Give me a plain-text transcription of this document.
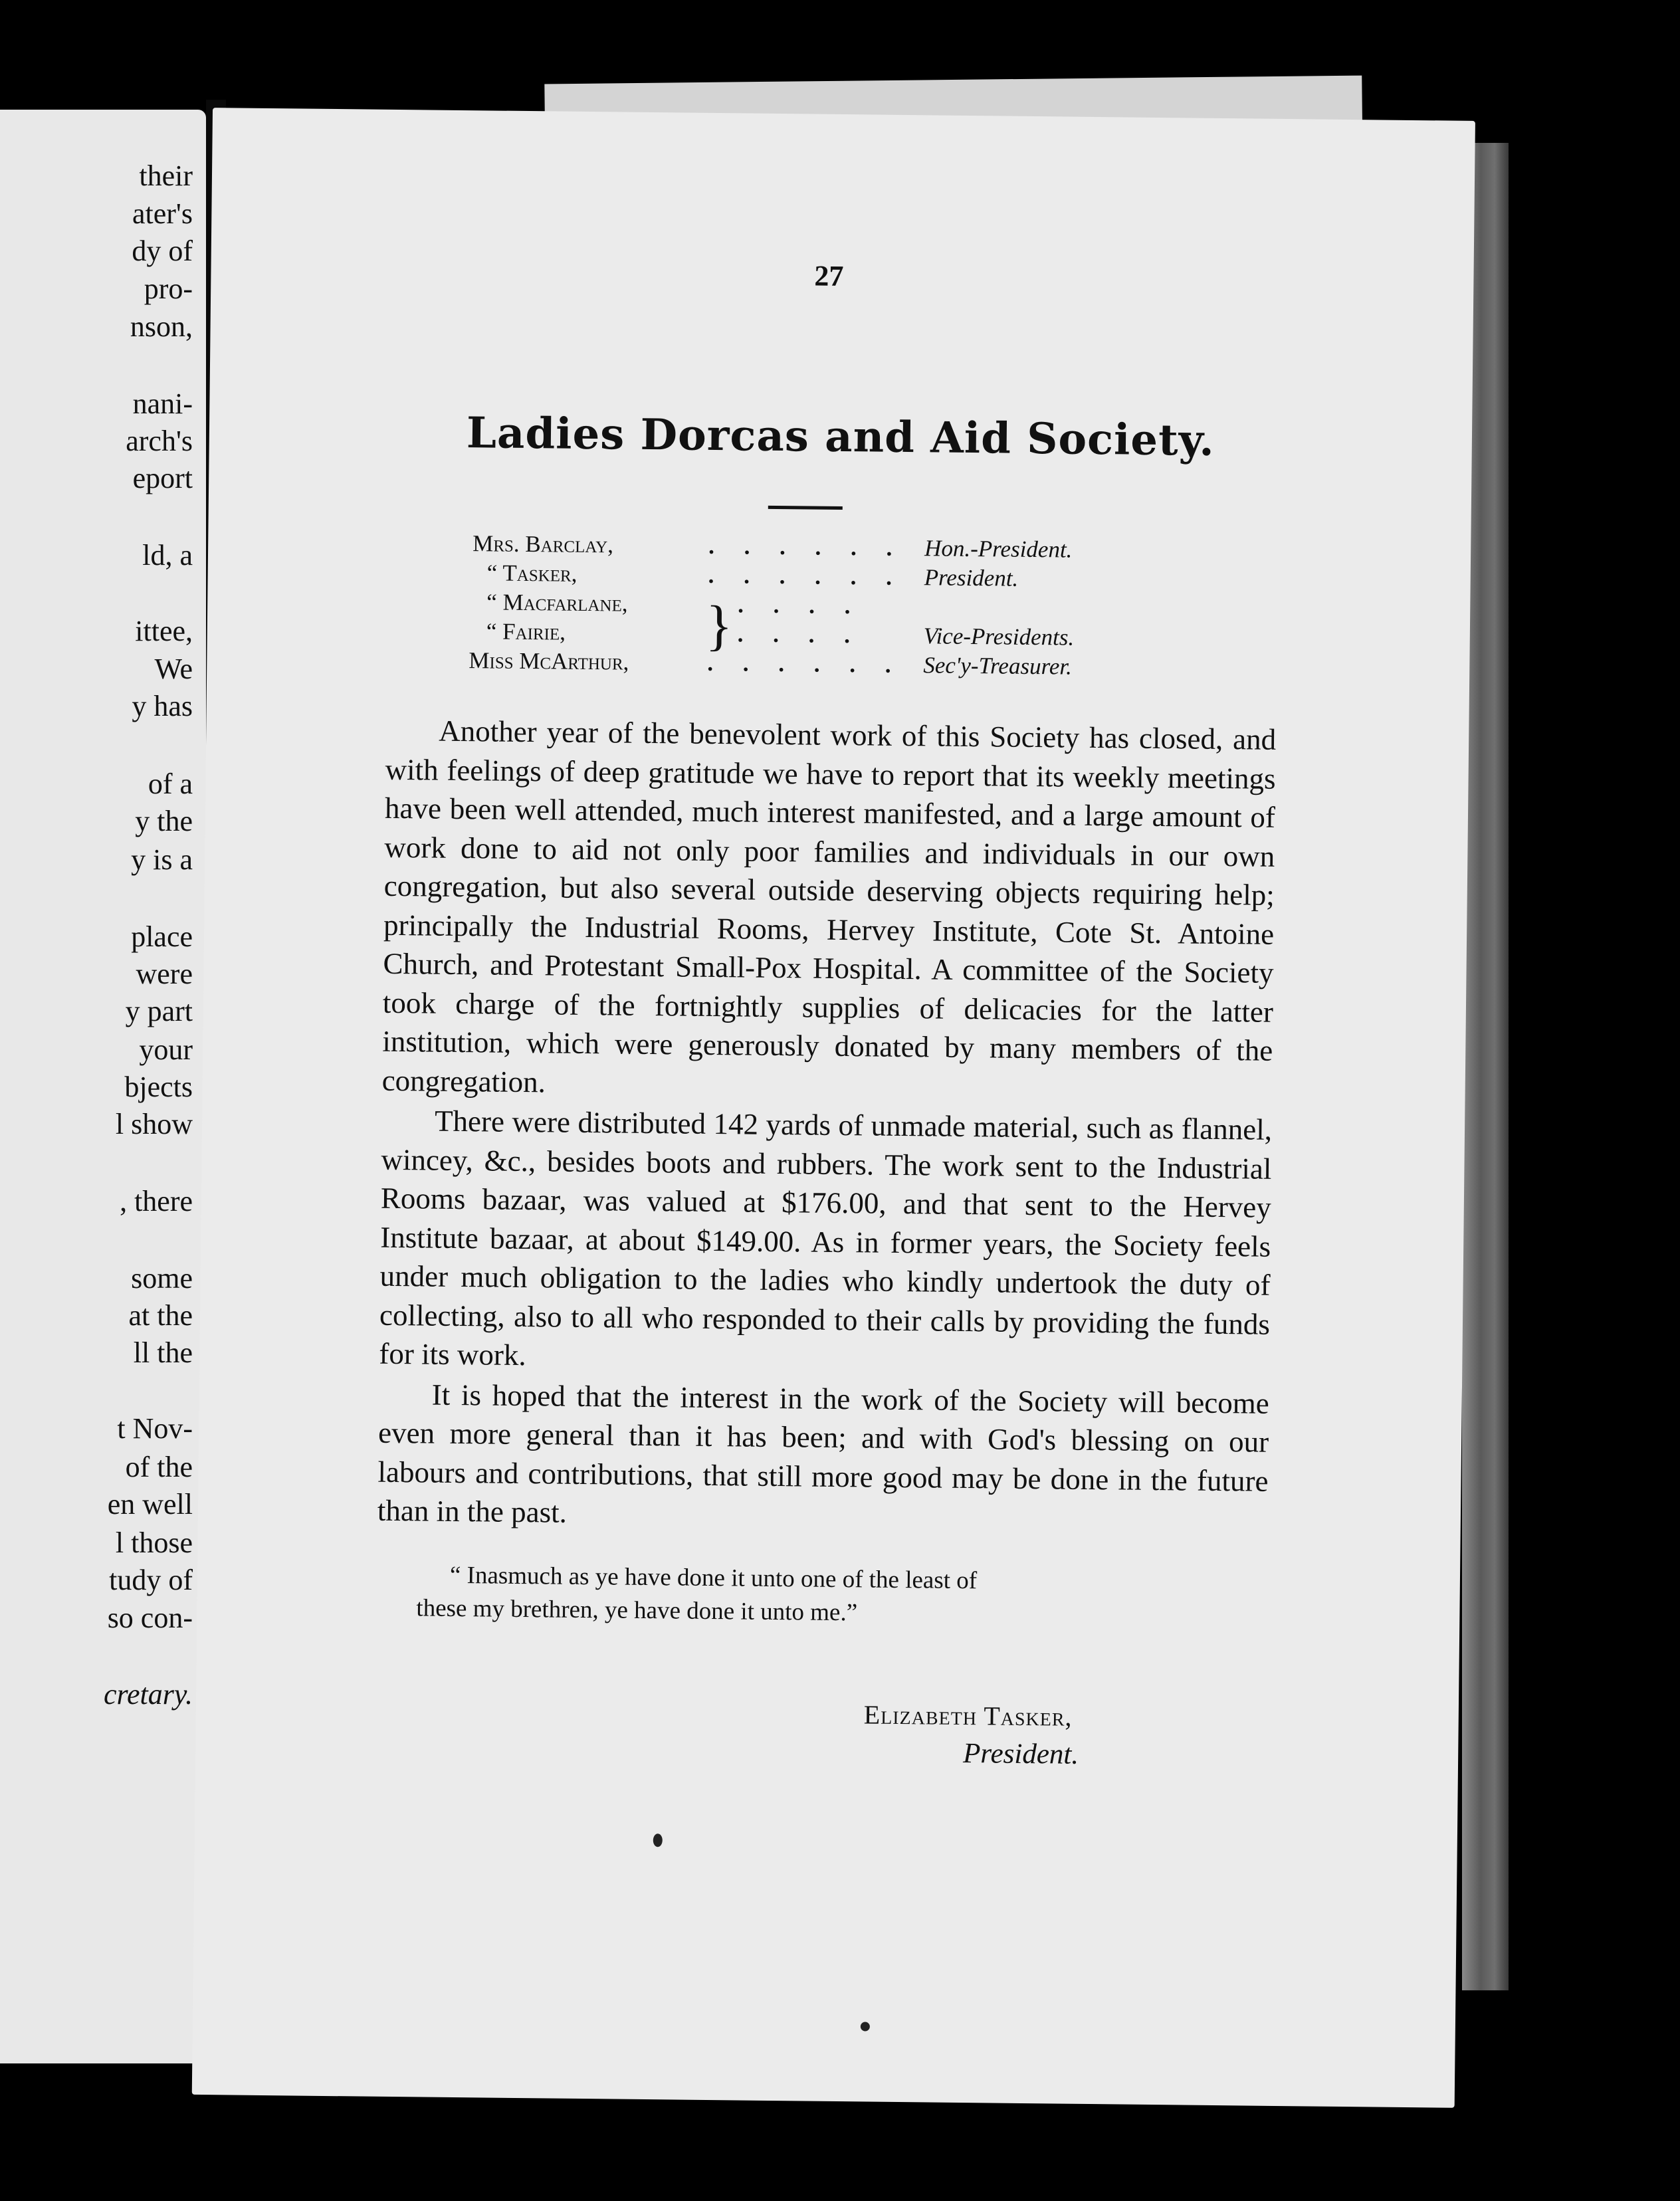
their
ater's
dy of
pro-
nson,
nani-
arch's
eport
ld, a
ittee,
We
y has
of a
y the
y is a
place
were
y part
your
bjects
l show
, there
some
at the
ll the
t Nov-
of the
en well
l those
tudy of
so con-
cretary.
27
Ladies Dorcas and Aid Society.
Mrs. Barclay,	. . . . . . Hon.-President.
“ Tasker,	. . . . . . President.
“ Macfarlane,	. . . .
“ Fairie,	. . . .	Vice-Presidents.
Miss McArthur,	. . . . . . Sec'y-Treasurer.
}

Another year of the benevolent work of this Society has closed, and with feelings of deep gratitude we have to report that its weekly meetings have been well attended, much interest manifested, and a large amount of work done to aid not only poor families and individuals in our own congregation, but also several outside deserving objects requiring help; principally the Industrial Rooms, Hervey Institute, Cote St. Antoine Church, and Protestant Small-Pox Hospital. A committee of the Society took charge of the fortnightly supplies of delicacies for the latter institution, which were generously donated by many members of the congregation.

There were distributed 142 yards of unmade material, such as flannel, wincey, &c., besides boots and rubbers. The work sent to the Industrial Rooms bazaar, was valued at $176.00, and that sent to the Hervey Institute bazaar, at about $149.00. As in former years, the Society feels under much obligation to the ladies who kindly undertook the duty of collecting, also to all who responded to their calls by providing the funds for its work.

It is hoped that the interest in the work of the Society will become even more general than it has been; and with God's blessing on our labours and contributions, that still more good may be done in the future than in the past.

“ Inasmuch as ye have done it unto one of the least of
these my brethren, ye have done it unto me.”
Elizabeth Tasker,
President.
